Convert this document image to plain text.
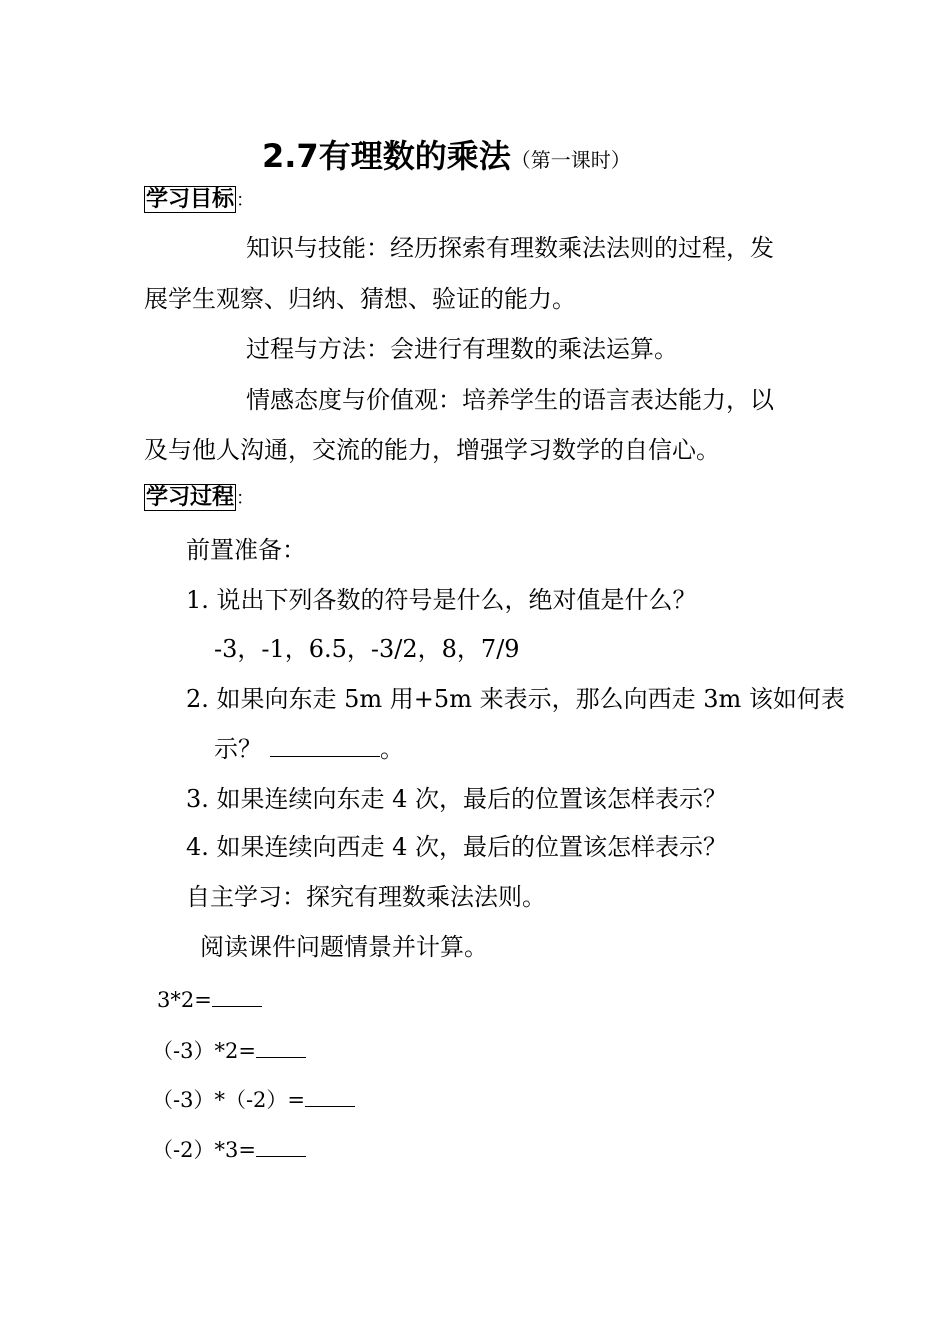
2.7有理数的乘法（第一课时）
学习目标 ：
知识与技能：经历探索有理数乘法法则的过程，发
展学生观察、归纳、猜想、验证的能力。
过程与方法：会进行有理数的乘法运算。
情感态度与价值观：培养学生的语言表达能力，以
及与他人沟通，交流的能力，增强学习数学的自信心。
学习过程 ：
前置准备：
1. 说出下列各数的符号是什么，绝对值是什么？
-3，-1，6.5，-3/2，8，7/9
2. 如果向东走 5m 用+5m 来表示，那么向西走 3m 该如何表
示？	。
3. 如果连续向东走 4 次，最后的位置该怎样表示？
4. 如果连续向西走 4 次，最后的位置该怎样表示？
自主学习：探究有理数乘法法则。
阅读课件问题情景并计算。
3*2=
（-3）*2=
（-3）*（-2）=
（-2）*3=
